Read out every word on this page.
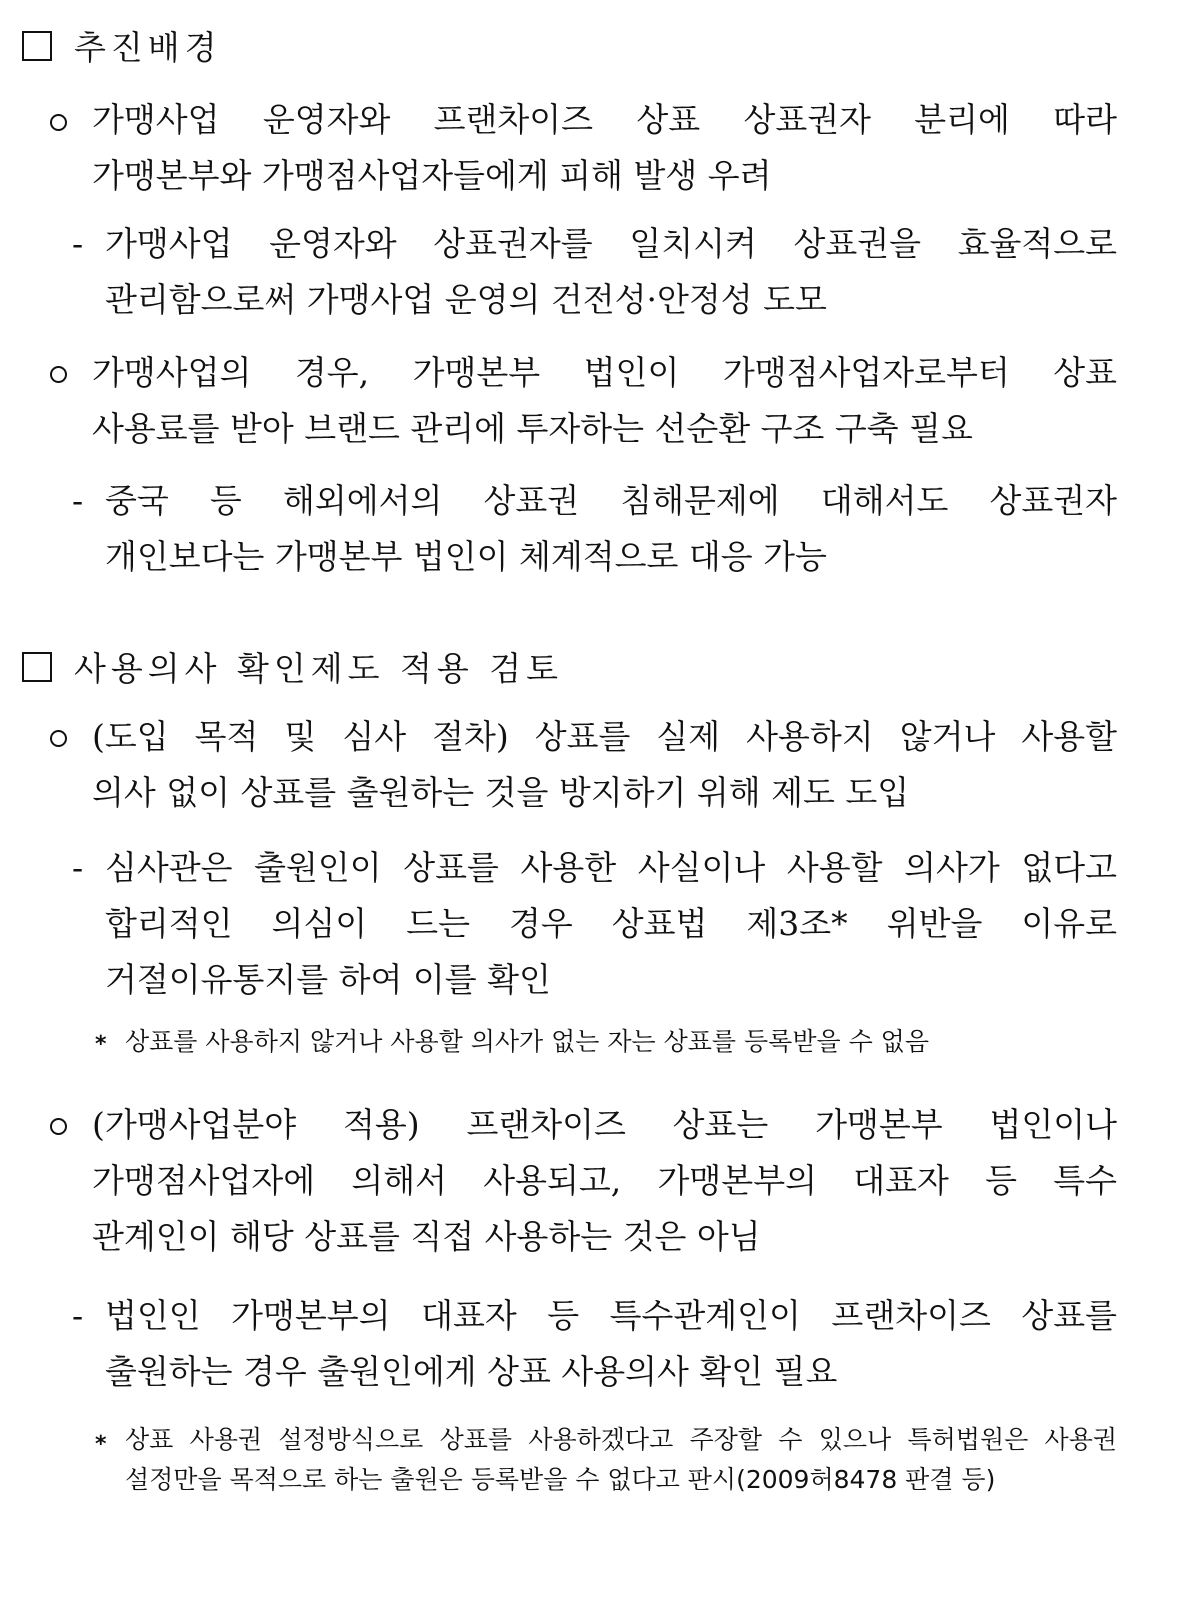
추진배경
가맹사업 운영자와 프랜차이즈 상표 상표권자 분리에 따라
가맹본부와 가맹점사업자들에게 피해 발생 우려
- 가맹사업 운영자와 상표권자를 일치시켜 상표권을 효율적으로
관리함으로써 가맹사업 운영의 건전성·안정성 도모
가맹사업의 경우, 가맹본부 법인이 가맹점사업자로부터 상표
사용료를 받아 브랜드 관리에 투자하는 선순환 구조 구축 필요
- 중국 등 해외에서의 상표권 침해문제에 대해서도 상표권자
개인보다는 가맹본부 법인이 체계적으로 대응 가능
사용의사 확인제도 적용 검토
(도입 목적 및 심사 절차) 상표를 실제 사용하지 않거나 사용할
의사 없이 상표를 출원하는 것을 방지하기 위해 제도 도입
- 심사관은 출원인이 상표를 사용한 사실이나 사용할 의사가 없다고
합리적인 의심이 드는 경우 상표법 제3조* 위반을 이유로
거절이유통지를 하여 이를 확인
* 상표를 사용하지 않거나 사용할 의사가 없는 자는 상표를 등록받을 수 없음
(가맹사업분야 적용) 프랜차이즈 상표는 가맹본부 법인이나
가맹점사업자에 의해서 사용되고, 가맹본부의 대표자 등 특수
관계인이 해당 상표를 직접 사용하는 것은 아님
- 법인인 가맹본부의 대표자 등 특수관계인이 프랜차이즈 상표를
출원하는 경우 출원인에게 상표 사용의사 확인 필요
* 상표 사용권 설정방식으로 상표를 사용하겠다고 주장할 수 있으나 특허법원은 사용권
설정만을 목적으로 하는 출원은 등록받을 수 없다고 판시(2009허8478 판결 등)
